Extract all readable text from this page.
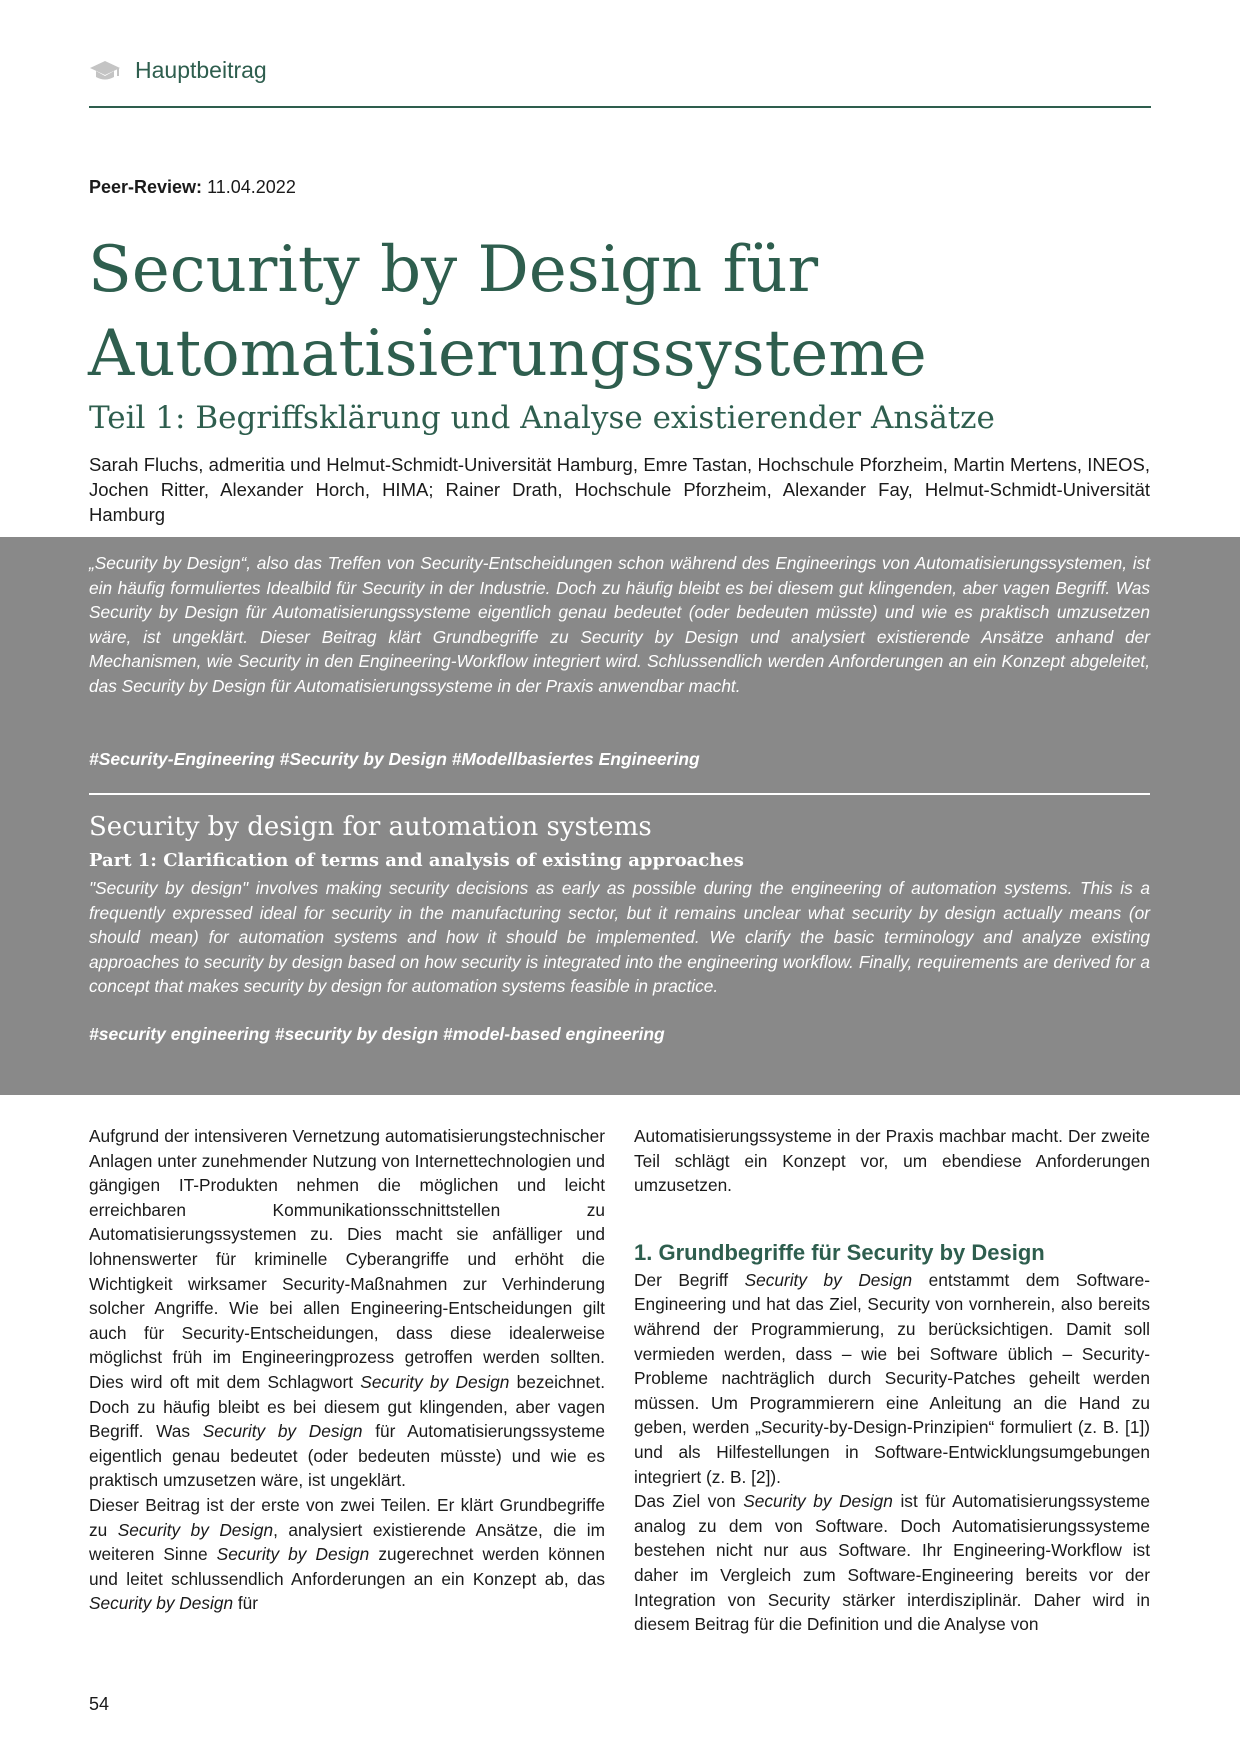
Hauptbeitrag
Peer-Review: 11.04.2022
Security by Design für
Automatisierungssysteme
Teil 1: Begriffsklärung und Analyse existierender Ansätze
Sarah Fluchs, admeritia und Helmut-Schmidt-Universität Hamburg, Emre Tastan, Hochschule Pforzheim, Martin Mertens, INEOS, Jochen Ritter, Alexander Horch, HIMA; Rainer Drath, Hochschule Pforzheim, Alexander Fay, Helmut-Schmidt-Universität Hamburg

„Security by Design“, also das Treffen von Security-Entscheidungen schon während des Engineerings von Automatisierungssystemen, ist ein häufig formuliertes Idealbild für Security in der Industrie. Doch zu häufig bleibt es bei diesem gut klingenden, aber vagen Begriff. Was Security by Design für Automatisierungssysteme eigentlich genau bedeutet (oder bedeuten müsste) und wie es praktisch umzusetzen wäre, ist ungeklärt. Dieser Beitrag klärt Grundbegriffe zu Security by Design und analysiert existierende Ansätze anhand der Mechanismen, wie Security in den Engineering-Workflow integriert wird. Schlussendlich werden Anforderungen an ein Konzept abgeleitet, das Security by Design für Automatisierungssysteme in der Praxis anwendbar macht.

#Security-Engineering #Security by Design #Modellbasiertes Engineering
Security by design for automation systems
Part 1: Clarification of terms and analysis of existing approaches

"Security by design" involves making security decisions as early as possible during the engineering of automation systems. This is a frequently expressed ideal for security in the manufacturing sector, but it remains unclear what security by design actually means (or should mean) for automation systems and how it should be implemented. We clarify the basic terminology and analyze existing approaches to security by design based on how security is integrated into the engineering workflow. Finally, requirements are derived for a concept that makes security by design for automation systems feasible in practice.

#security engineering #security by design #model-based engineering

Aufgrund der intensiveren Vernetzung automatisierungstechnischer Anlagen unter zunehmender Nutzung von Internettechnologien und gängigen IT-Produkten nehmen die möglichen und leicht erreichbaren Kommunikationsschnittstellen zu Automatisierungssystemen zu. Dies macht sie anfälliger und lohnenswerter für kriminelle Cyberangriffe und erhöht die Wichtigkeit wirksamer Security-Maßnahmen zur Verhinderung solcher Angriffe. Wie bei allen Engineering-Entscheidungen gilt auch für Security-Entscheidungen, dass diese idealerweise möglichst früh im Engineeringprozess getroffen werden sollten. Dies wird oft mit dem Schlagwort Security by Design bezeichnet. Doch zu häufig bleibt es bei diesem gut klingenden, aber vagen Begriff. Was Security by Design für Automatisierungssysteme eigentlich genau bedeutet (oder bedeuten müsste) und wie es praktisch umzusetzen wäre, ist ungeklärt.

Dieser Beitrag ist der erste von zwei Teilen. Er klärt Grundbegriffe zu Security by Design, analysiert existierende Ansätze, die im weiteren Sinne Security by Design zugerechnet werden können und leitet schlussendlich Anforderungen an ein Konzept ab, das Security by Design für

Automatisierungssysteme in der Praxis machbar macht. Der zweite Teil schlägt ein Konzept vor, um ebendiese Anforderungen umzusetzen.

1. Grundbegriffe für Security by Design

Der Begriff Security by Design entstammt dem Software-Engineering und hat das Ziel, Security von vornherein, also bereits während der Programmierung, zu berücksichtigen. Damit soll vermieden werden, dass – wie bei Software üblich – Security-Probleme nachträglich durch Security-Patches geheilt werden müssen. Um Programmierern eine Anleitung an die Hand zu geben, werden „Security-by-Design-Prinzipien“ formuliert (z. B. [1]) und als Hilfestellungen in Software-Entwicklungsumgebungen integriert (z. B. [2]).

Das Ziel von Security by Design ist für Automatisierungssysteme analog zu dem von Software. Doch Automatisierungssysteme bestehen nicht nur aus Software. Ihr Engineering-Workflow ist daher im Vergleich zum Software-Engineering bereits vor der Integration von Security stärker interdisziplinär. Daher wird in diesem Beitrag für die Definition und die Analyse von

54
